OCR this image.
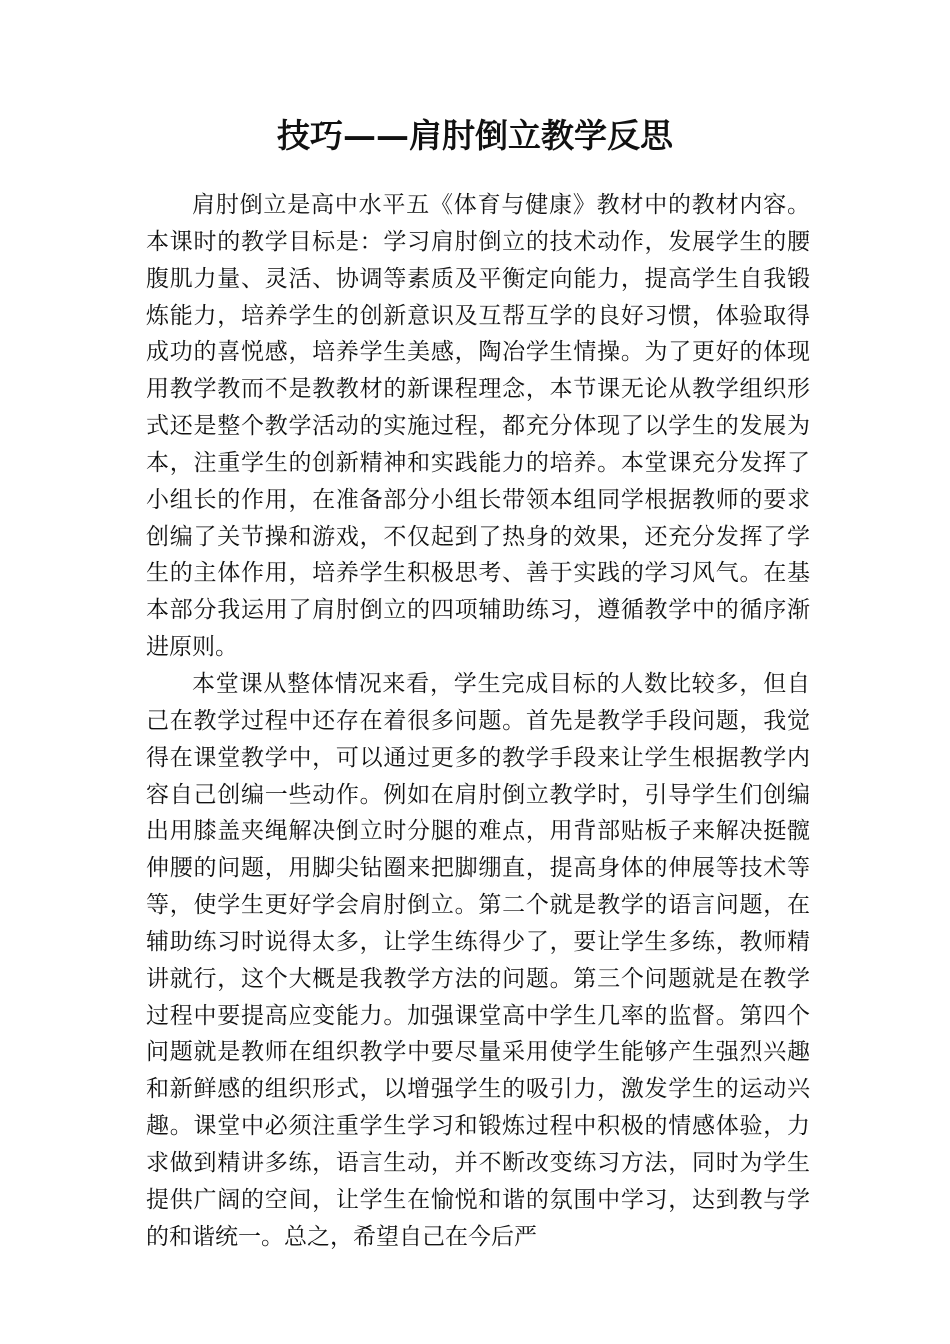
技巧——肩肘倒立教学反思

肩肘倒立是高中水平五《体育与健康》教材中的教材内容。本课时的教学目标是：学习肩肘倒立的技术动作，发展学生的腰腹肌力量、灵活、协调等素质及平衡定向能力，提高学生自我锻炼能力，培养学生的创新意识及互帮互学的良好习惯，体验取得成功的喜悦感，培养学生美感，陶冶学生情操。为了更好的体现用教学教而不是教教材的新课程理念，本节课无论从教学组织形式还是整个教学活动的实施过程，都充分体现了以学生的发展为本，注重学生的创新精神和实践能力的培养。本堂课充分发挥了小组长的作用，在准备部分小组长带领本组同学根据教师的要求创编了关节操和游戏，不仅起到了热身的效果，还充分发挥了学生的主体作用，培养学生积极思考、善于实践的学习风气。在基本部分我运用了肩肘倒立的四项辅助练习，遵循教学中的循序渐进原则。

本堂课从整体情况来看，学生完成目标的人数比较多，但自己在教学过程中还存在着很多问题。首先是教学手段问题，我觉得在课堂教学中，可以通过更多的教学手段来让学生根据教学内容自己创编一些动作。例如在肩肘倒立教学时，引导学生们创编出用膝盖夹绳解决倒立时分腿的难点，用背部贴板子来解决挺髋伸腰的问题，用脚尖钻圈来把脚绷直，提高身体的伸展等技术等等，使学生更好学会肩肘倒立。第二个就是教学的语言问题，在辅助练习时说得太多，让学生练得少了，要让学生多练，教师精讲就行，这个大概是我教学方法的问题。第三个问题就是在教学过程中要提高应变能力。加强课堂高中学生几率的监督。第四个问题就是教师在组织教学中要尽量采用使学生能够产生强烈兴趣和新鲜感的组织形式，以增强学生的吸引力，激发学生的运动兴趣。课堂中必须注重学生学习和锻炼过程中积极的情感体验，力求做到精讲多练，语言生动，并不断改变练习方法，同时为学生提供广阔的空间，让学生在愉悦和谐的氛围中学习，达到教与学的和谐统一。总之，希望自己在今后严
